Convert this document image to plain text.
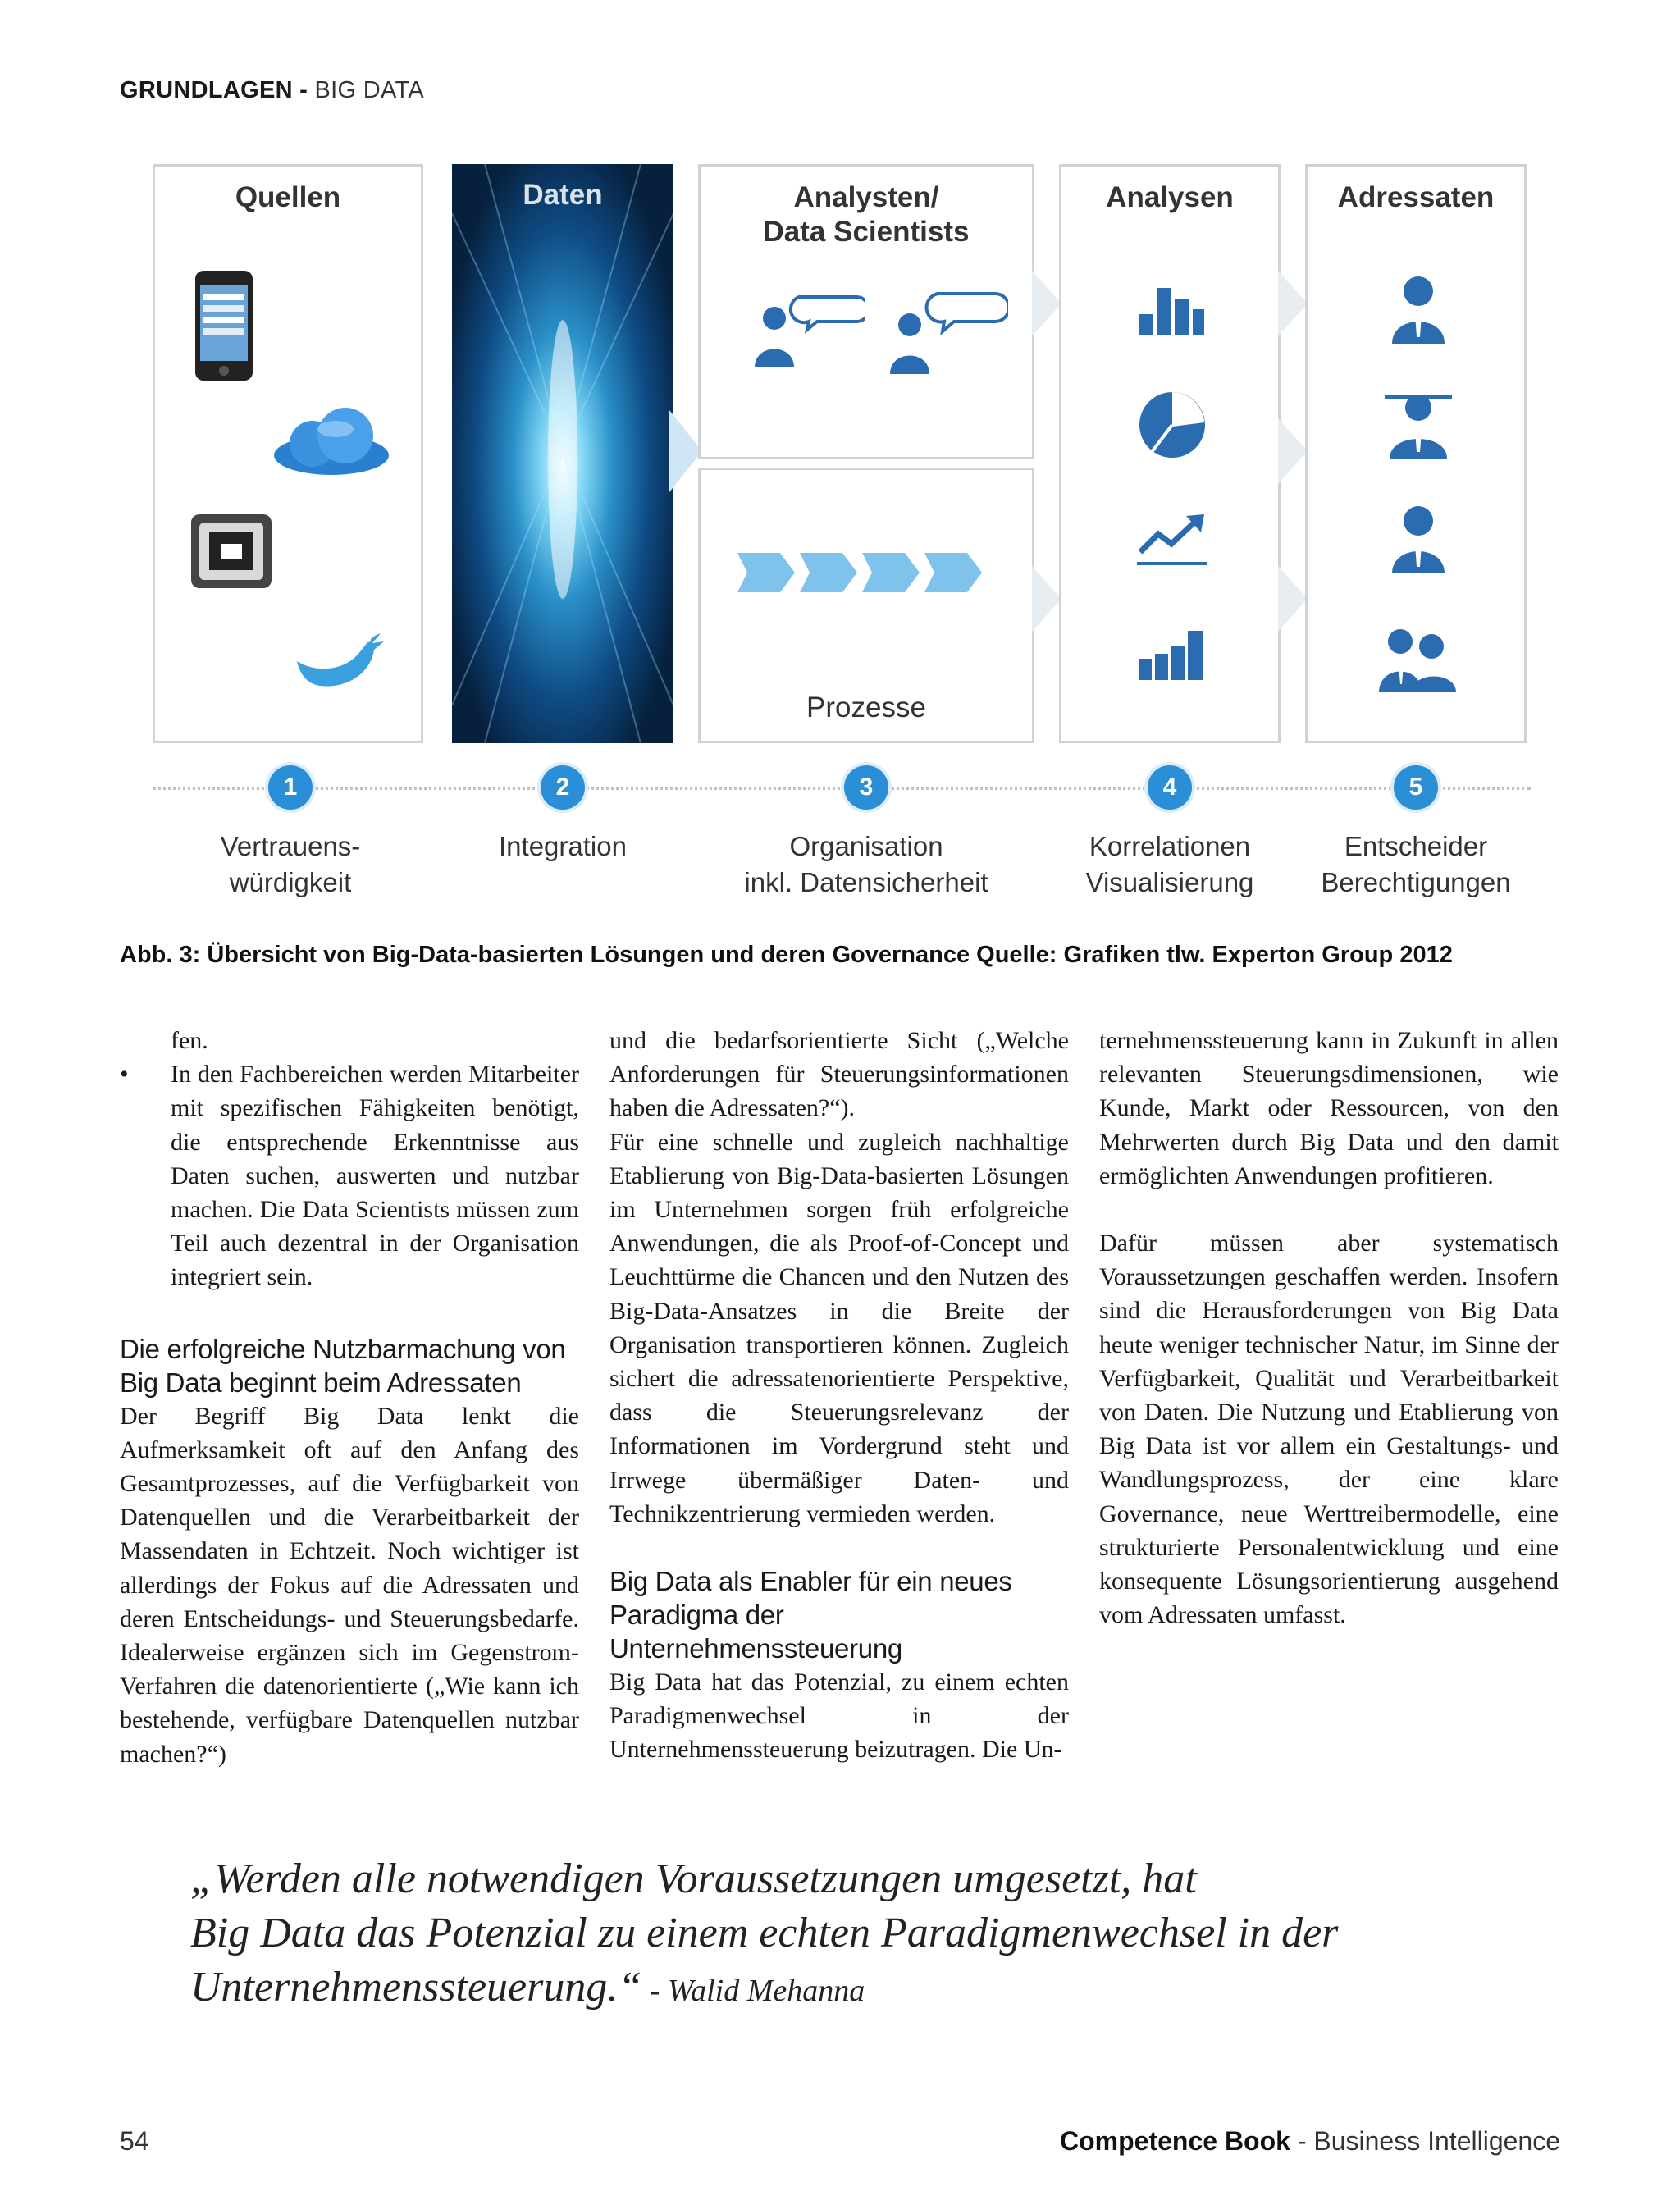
GRUNDLAGEN - BIG DATA
Quellen	Daten	Analysten/
Data Scientists
Prozesse
Analysen	Adressaten
1	2	3	4	5
Vertrauens-
würdigkeit
Integration	Organisation
inkl. Datensicherheit
Korrelationen
Visualisierung
Entscheider
Berechtigungen
Abb. 3: Übersicht von Big-Data-basierten Lösungen und deren Governance Quelle: Grafiken tlw. Experton Group 2012

fen.

• In den Fachbereichen werden Mitarbeiter mit spezifischen Fähigkeiten benötigt, die entsprechende Erkenntnisse aus Daten suchen, auswerten und nutzbar machen. Die Data Scientists müssen zum Teil auch dezentral in der Organisation integriert sein.

Die erfolgreiche Nutzbarmachung von Big Data beginnt beim Adressaten

Der Begriff Big Data lenkt die Aufmerksamkeit oft auf den Anfang des Gesamtprozesses, auf die Verfügbarkeit von Datenquellen und die Verarbeitbarkeit der Massendaten in Echtzeit. Noch wichtiger ist allerdings der Fokus auf die Adressaten und deren Entscheidungs- und Steuerungsbedarfe. Idealerweise ergänzen sich im Gegenstrom-Verfahren die datenorientierte („Wie kann ich bestehende, verfügbare Datenquellen nutzbar machen?“)

und die bedarfsorientierte Sicht („Welche Anforderungen für Steuerungsinformationen haben die Adressaten?“).

Für eine schnelle und zugleich nachhaltige Etablierung von Big-Data-basierten Lösungen im Unternehmen sorgen früh erfolgreiche Anwendungen, die als Proof-of-Concept und Leuchttürme die Chancen und den Nutzen des Big-Data-Ansatzes in die Breite der Organisation transportieren können. Zugleich sichert die adressatenorientierte Perspektive, dass die Steuerungsrelevanz der Informationen im Vordergrund steht und Irrwege übermäßiger Daten- und Technikzentrierung vermieden werden.

Big Data als Enabler für ein neues Paradigma der Unternehmenssteuerung

Big Data hat das Potenzial, zu einem echten Paradigmenwechsel in der Unternehmenssteuerung beizutragen. Die Un-

ternehmenssteuerung kann in Zukunft in allen relevanten Steuerungsdimensionen, wie Kunde, Markt oder Ressourcen, von den Mehrwerten durch Big Data und den damit ermöglichten Anwendungen profitieren.

Dafür müssen aber systematisch Voraussetzungen geschaffen werden. Insofern sind die Herausforderungen von Big Data heute weniger technischer Natur, im Sinne der Verfügbarkeit, Qualität und Verarbeitbarkeit von Daten. Die Nutzung und Etablierung von Big Data ist vor allem ein Gestaltungs- und Wandlungsprozess, der eine klare Governance, neue Werttreibermodelle, eine strukturierte Personalentwicklung und eine konsequente Lösungsorientierung ausgehend vom Adressaten umfasst.

„Werden alle notwendigen Voraussetzungen umgesetzt, hat
Big Data das Potenzial zu einem echten Paradigmenwechsel in der
Unternehmenssteuerung.“ - Walid Mehanna
54	Competence Book - Business Intelligence
